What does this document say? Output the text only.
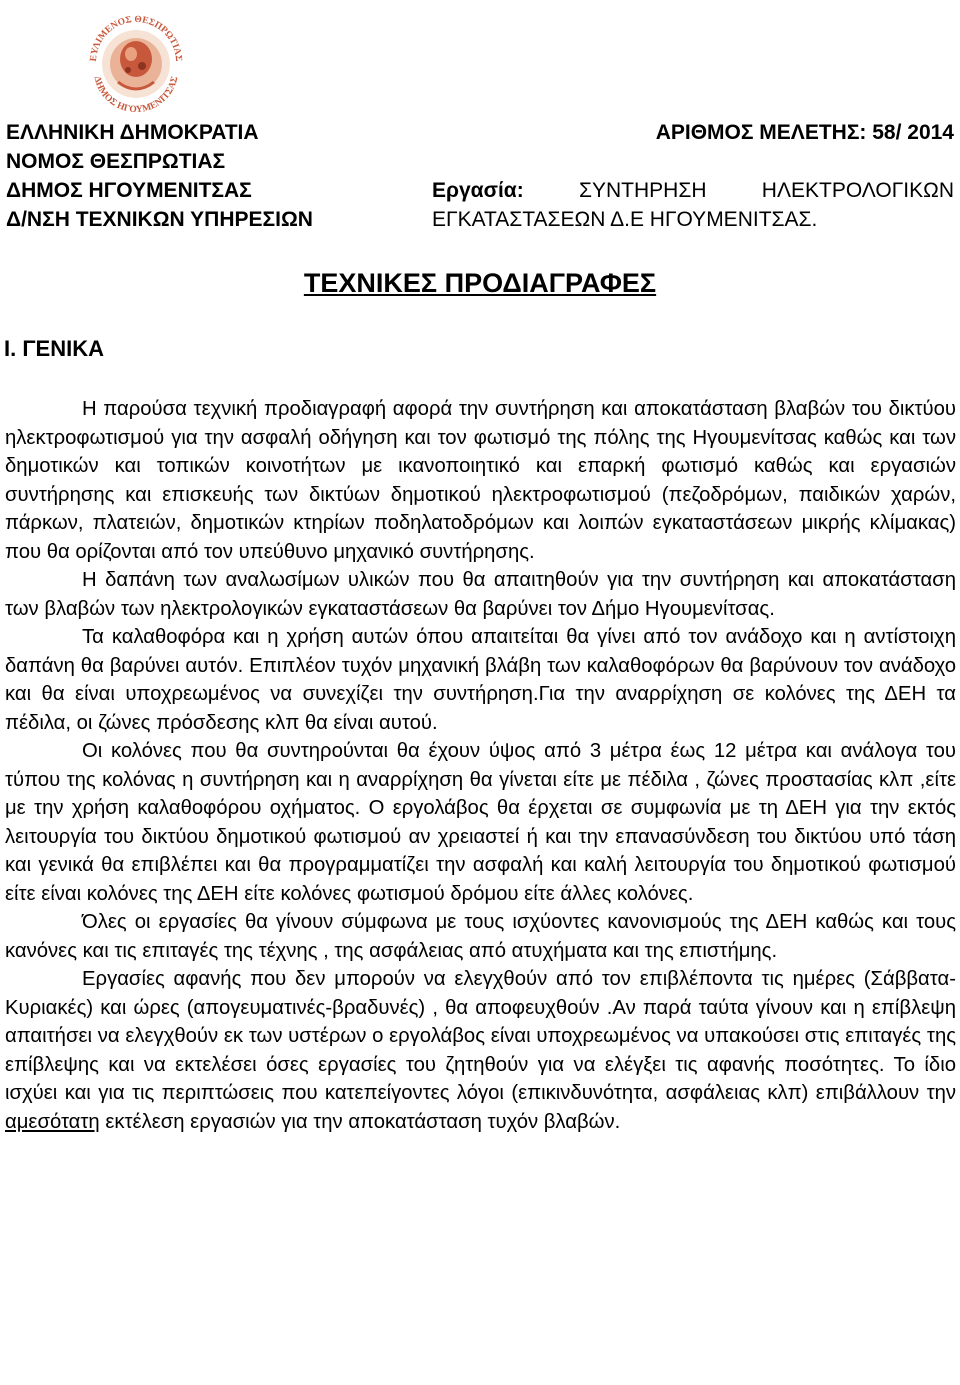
ΕΥΛΙΜΕΝΟΣ ΘΕΣΠΡΩΤΙΑΣ
ΔΗΜΟΣ ΗΓΟΥΜΕΝΙΤΣΑΣ
ΕΛΛΗΝΙΚΗ ΔΗΜΟΚΡΑΤΙΑ
ΝΟΜΟΣ ΘΕΣΠΡΩΤΙΑΣ
ΔΗΜΟΣ ΗΓΟΥΜΕΝΙΤΣΑΣ
Δ/ΝΣΗ ΤΕΧΝΙΚΩΝ ΥΠΗΡΕΣΙΩΝ
ΑΡΙΘΜΟΣ ΜΕΛΕΤΗΣ: 58/ 2014
Εργασία:	ΣΥΝΤΗΡΗΣΗ	ΗΛΕΚΤΡΟΛΟΓΙΚΩΝ
ΕΓΚΑΤΑΣΤΑΣΕΩΝ Δ.Ε ΗΓΟΥΜΕΝΙΤΣΑΣ.
ΤΕΧΝΙΚΕΣ ΠΡΟΔΙΑΓΡΑΦΕΣ
Ι. ΓΕΝΙΚΑ

Η παρούσα τεχνική προδιαγραφή αφορά την συντήρηση και αποκατάσταση βλαβών του δικτύου ηλεκτροφωτισμού για την ασφαλή οδήγηση και τον φωτισμό της πόλης της Ηγουμενίτσας καθώς και των δημοτικών και τοπικών κοινοτήτων με ικανοποιητικό και επαρκή φωτισμό καθώς και εργασιών συντήρησης και επισκευής των δικτύων δημοτικού ηλεκτροφωτισμού (πεζοδρόμων, παιδικών χαρών, πάρκων, πλατειών, δημοτικών κτηρίων ποδηλατοδρόμων και λοιπών εγκαταστάσεων μικρής κλίμακας) που θα ορίζονται από τον υπεύθυνο μηχανικό συντήρησης.

Η δαπάνη των αναλωσίμων υλικών που θα απαιτηθούν για την συντήρηση και αποκατάσταση των βλαβών των ηλεκτρολογικών εγκαταστάσεων θα βαρύνει τον Δήμο Ηγουμενίτσας.

Τα καλαθοφόρα και η χρήση αυτών όπου απαιτείται θα γίνει από τον ανάδοχο και η αντίστοιχη δαπάνη θα βαρύνει αυτόν. Επιπλέον τυχόν μηχανική βλάβη των καλαθοφόρων θα βαρύνουν τον ανάδοχο και θα είναι υποχρεωμένος να συνεχίζει την συντήρηση.Για την αναρρίχηση σε κολόνες της ΔΕΗ τα πέδιλα, οι ζώνες πρόσδεσης κλπ θα είναι αυτού.

Οι κολόνες που θα συντηρούνται θα έχουν ύψος από 3 μέτρα έως 12 μέτρα και ανάλογα του τύπου της κολόνας η συντήρηση και η αναρρίχηση θα γίνεται είτε με πέδιλα , ζώνες προστασίας κλπ ,είτε με την χρήση καλαθοφόρου οχήματος. Ο εργολάβος θα έρχεται σε συμφωνία με τη ΔΕΗ για την εκτός λειτουργία του δικτύου δημοτικού φωτισμού αν χρειαστεί ή και την επανασύνδεση του δικτύου υπό τάση και γενικά θα επιβλέπει και θα προγραμματίζει την ασφαλή και καλή λειτουργία του δημοτικού φωτισμού είτε είναι κολόνες της ΔΕΗ είτε κολόνες φωτισμού δρόμου είτε άλλες κολόνες.

Όλες οι εργασίες θα γίνουν σύμφωνα με τους ισχύοντες κανονισμούς της ΔΕΗ καθώς και τους κανόνες και τις επιταγές της τέχνης , της ασφάλειας από ατυχήματα και της επιστήμης.

Εργασίες αφανής που δεν μπορούν να ελεγχθούν από τον επιβλέποντα τις ημέρες (Σάββατα-Κυριακές) και ώρες (απογευματινές-βραδυνές) , θα αποφευχθούν .Αν παρά ταύτα γίνουν και η επίβλεψη απαιτήσει να ελεγχθούν εκ των υστέρων ο εργολάβος είναι υποχρεωμένος να υπακούσει στις επιταγές της επίβλεψης και να εκτελέσει όσες εργασίες του ζητηθούν για να ελέγξει τις αφανής ποσότητες. Το ίδιο ισχύει και για τις περιπτώσεις που κατεπείγοντες λόγοι (επικινδυνότητα, ασφάλειας κλπ) επιβάλλουν την αμεσότατη εκτέλεση εργασιών για την αποκατάσταση τυχόν βλαβών.
